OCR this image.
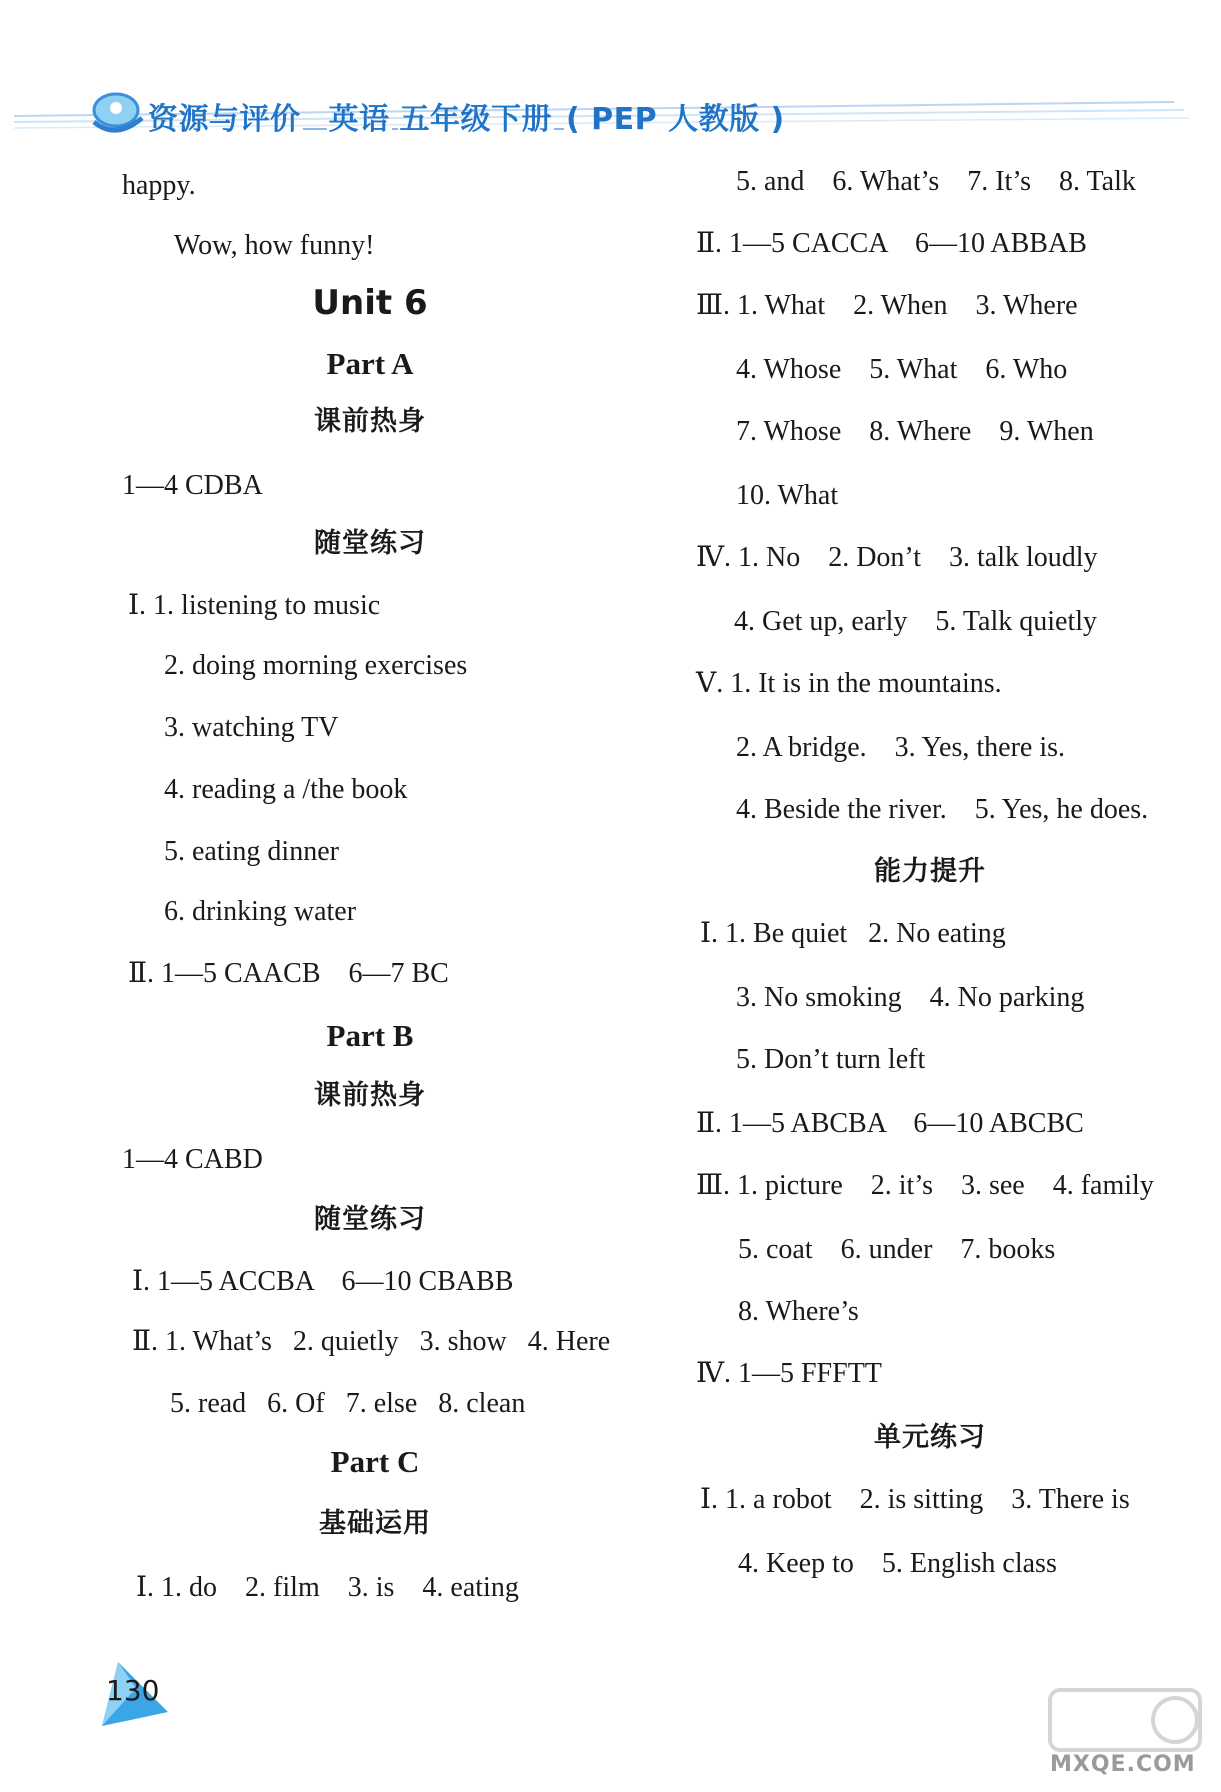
资源与评价 英语 五年级下册 ( PEP 人教版 )
happy.
Wow, how funny!
Unit 6
Part A
课前热身
1—4 CDBA
随堂练习
Ⅰ. 1. listening to music
2. doing morning exercises
3. watching TV
4. reading a /the book
5. eating dinner
6. drinking water
Ⅱ. 1—5 CAACB    6—7 BC
Part B
课前热身
1—4 CABD
随堂练习
Ⅰ. 1—5 ACCBA    6—10 CBABB
Ⅱ. 1. What’s   2. quietly   3. show   4. Here
5. read   6. Of   7. else   8. clean
Part C
基础运用
Ⅰ. 1. do    2. film    3. is    4. eating
5. and    6. What’s    7. It’s    8. Talk
Ⅱ. 1—5 CACCA    6—10 ABBAB
Ⅲ. 1. What    2. When    3. Where
4. Whose    5. What    6. Who
7. Whose    8. Where    9. When
10. What
Ⅳ. 1. No    2. Don’t    3. talk loudly
4. Get up, early    5. Talk quietly
Ⅴ. 1. It is in the mountains.
2. A bridge.    3. Yes, there is.
4. Beside the river.    5. Yes, he does.
能力提升
Ⅰ. 1. Be quiet   2. No eating
3. No smoking    4. No parking
5. Don’t turn left
Ⅱ. 1—5 ABCBA    6—10 ABCBC
Ⅲ. 1. picture    2. it’s    3. see    4. family
5. coat    6. under    7. books
8. Where’s
Ⅳ. 1—5 FFFTT
单元练习
Ⅰ. 1. a robot    2. is sitting    3. There is
4. Keep to    5. English class
130
MXQE.COM
